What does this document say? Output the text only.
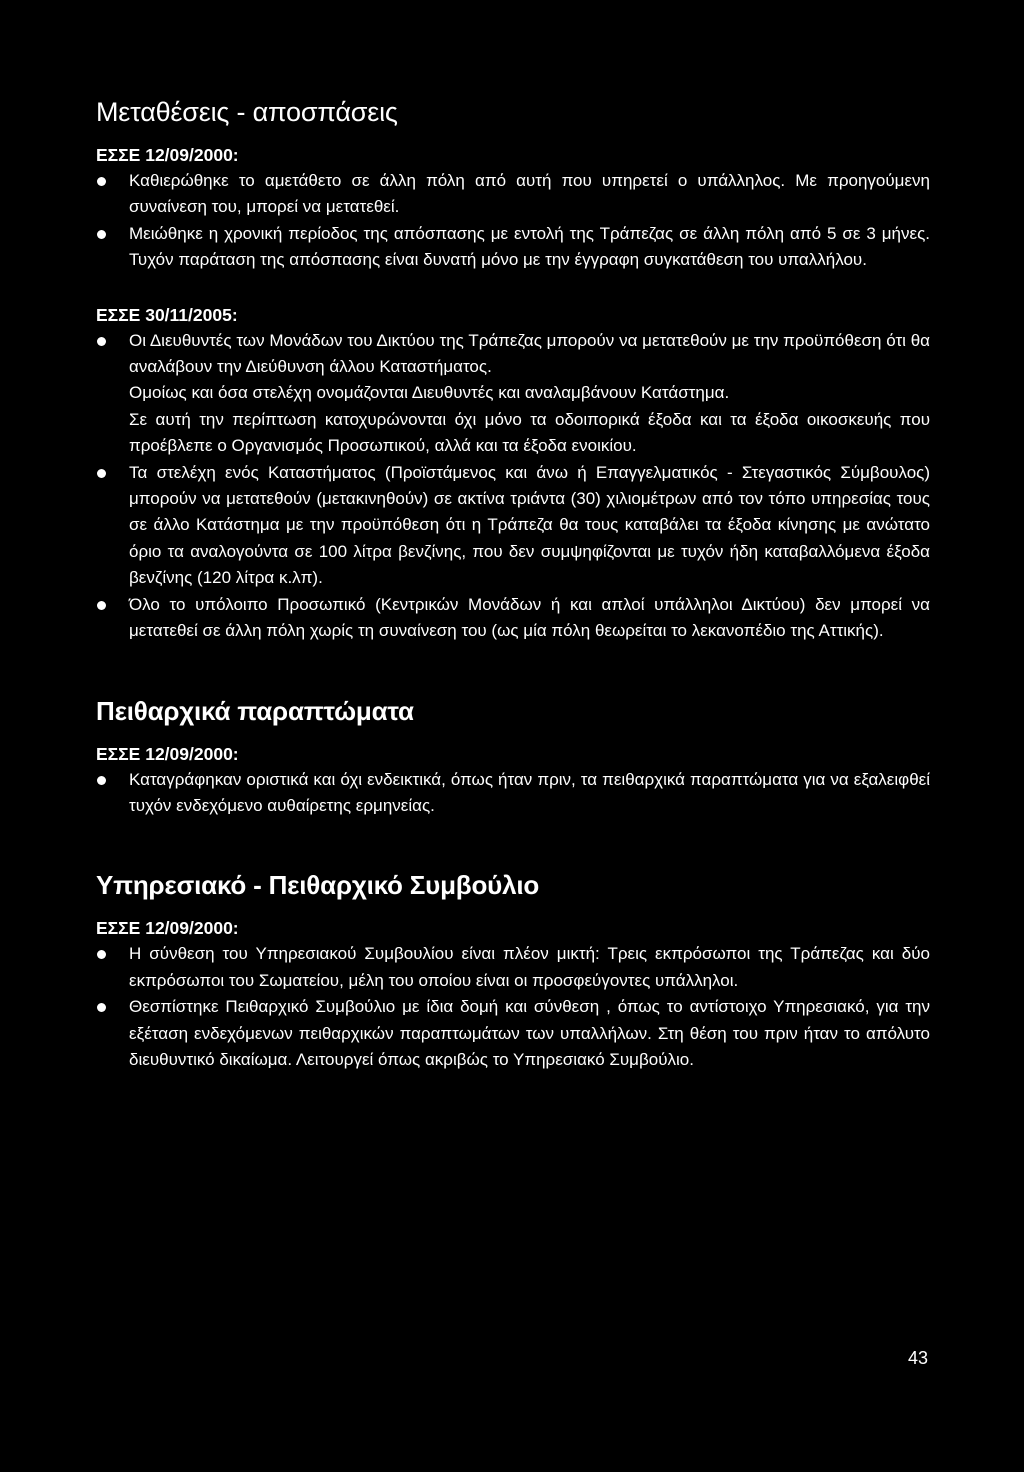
Μεταθέσεις - αποσπάσεις
ΕΣΣΕ 12/09/2000:

Καθιερώθηκε το αμετάθετο σε άλλη πόλη από αυτή που υπηρετεί ο υπάλληλος. Με προηγούμενη συναίνεση του, μπορεί να μετατεθεί.

Μειώθηκε η χρονική περίοδος της απόσπασης με εντολή της Τράπεζας σε άλλη πόλη από 5 σε 3 μήνες. Τυχόν παράταση της απόσπασης είναι δυνατή μόνο με την έγγραφη συγκατάθεση του υπαλλήλου.

ΕΣΣΕ 30/11/2005:

Οι Διευθυντές των Μονάδων του Δικτύου της Τράπεζας μπορούν να μετατεθούν με την προϋπόθεση ότι θα αναλάβουν την Διεύθυνση άλλου Καταστήματος.

Ομοίως και όσα στελέχη ονομάζονται Διευθυντές και αναλαμβάνουν Κατάστημα.

Σε αυτή την περίπτωση κατοχυρώνονται όχι μόνο τα οδοιπορικά έξοδα και τα έξοδα οικοσκευής που προέβλεπε ο Οργανισμός Προσωπικού, αλλά και τα έξοδα ενοικίου.

Τα στελέχη ενός Καταστήματος (Προϊστάμενος και άνω ή Επαγγελματικός - Στεγαστικός Σύμβουλος) μπορούν να μετατεθούν (μετακινηθούν) σε ακτίνα τριάντα (30) χιλιομέτρων από τον τόπο υπηρεσίας τους σε άλλο Κατάστημα με την προϋπόθεση ότι η Τράπεζα θα τους καταβάλει τα έξοδα κίνησης με ανώτατο όριο τα αναλογούντα σε 100 λίτρα βενζίνης, που δεν συμψηφίζονται με τυχόν ήδη καταβαλλόμενα έξοδα βενζίνης (120 λίτρα κ.λπ).

Όλο το υπόλοιπο Προσωπικό (Κεντρικών Μονάδων ή και απλοί υπάλληλοι Δικτύου) δεν μπορεί να μετατεθεί σε άλλη πόλη χωρίς τη συναίνεση του (ως μία πόλη θεωρείται το λεκανοπέδιο της Αττικής).

Πειθαρχικά παραπτώματα
ΕΣΣΕ 12/09/2000:

Καταγράφηκαν οριστικά και όχι ενδεικτικά, όπως ήταν πριν, τα πειθαρχικά παραπτώματα για να εξαλειφθεί τυχόν ενδεχόμενο αυθαίρετης ερμηνείας.

Υπηρεσιακό - Πειθαρχικό Συμβούλιο
ΕΣΣΕ 12/09/2000:

Η σύνθεση του Υπηρεσιακού Συμβουλίου είναι πλέον μικτή: Τρεις εκπρόσωποι της Τράπεζας και δύο εκπρόσωποι του Σωματείου, μέλη του οποίου είναι οι προσφεύγοντες υπάλληλοι.

Θεσπίστηκε Πειθαρχικό Συμβούλιο με ίδια δομή και σύνθεση , όπως το αντίστοιχο Υπηρεσιακό, για την εξέταση ενδεχόμενων πειθαρχικών παραπτωμάτων των υπαλλήλων. Στη θέση του πριν ήταν το απόλυτο διευθυντικό δικαίωμα. Λειτουργεί όπως ακριβώς το Υπηρεσιακό Συμβούλιο.

43
